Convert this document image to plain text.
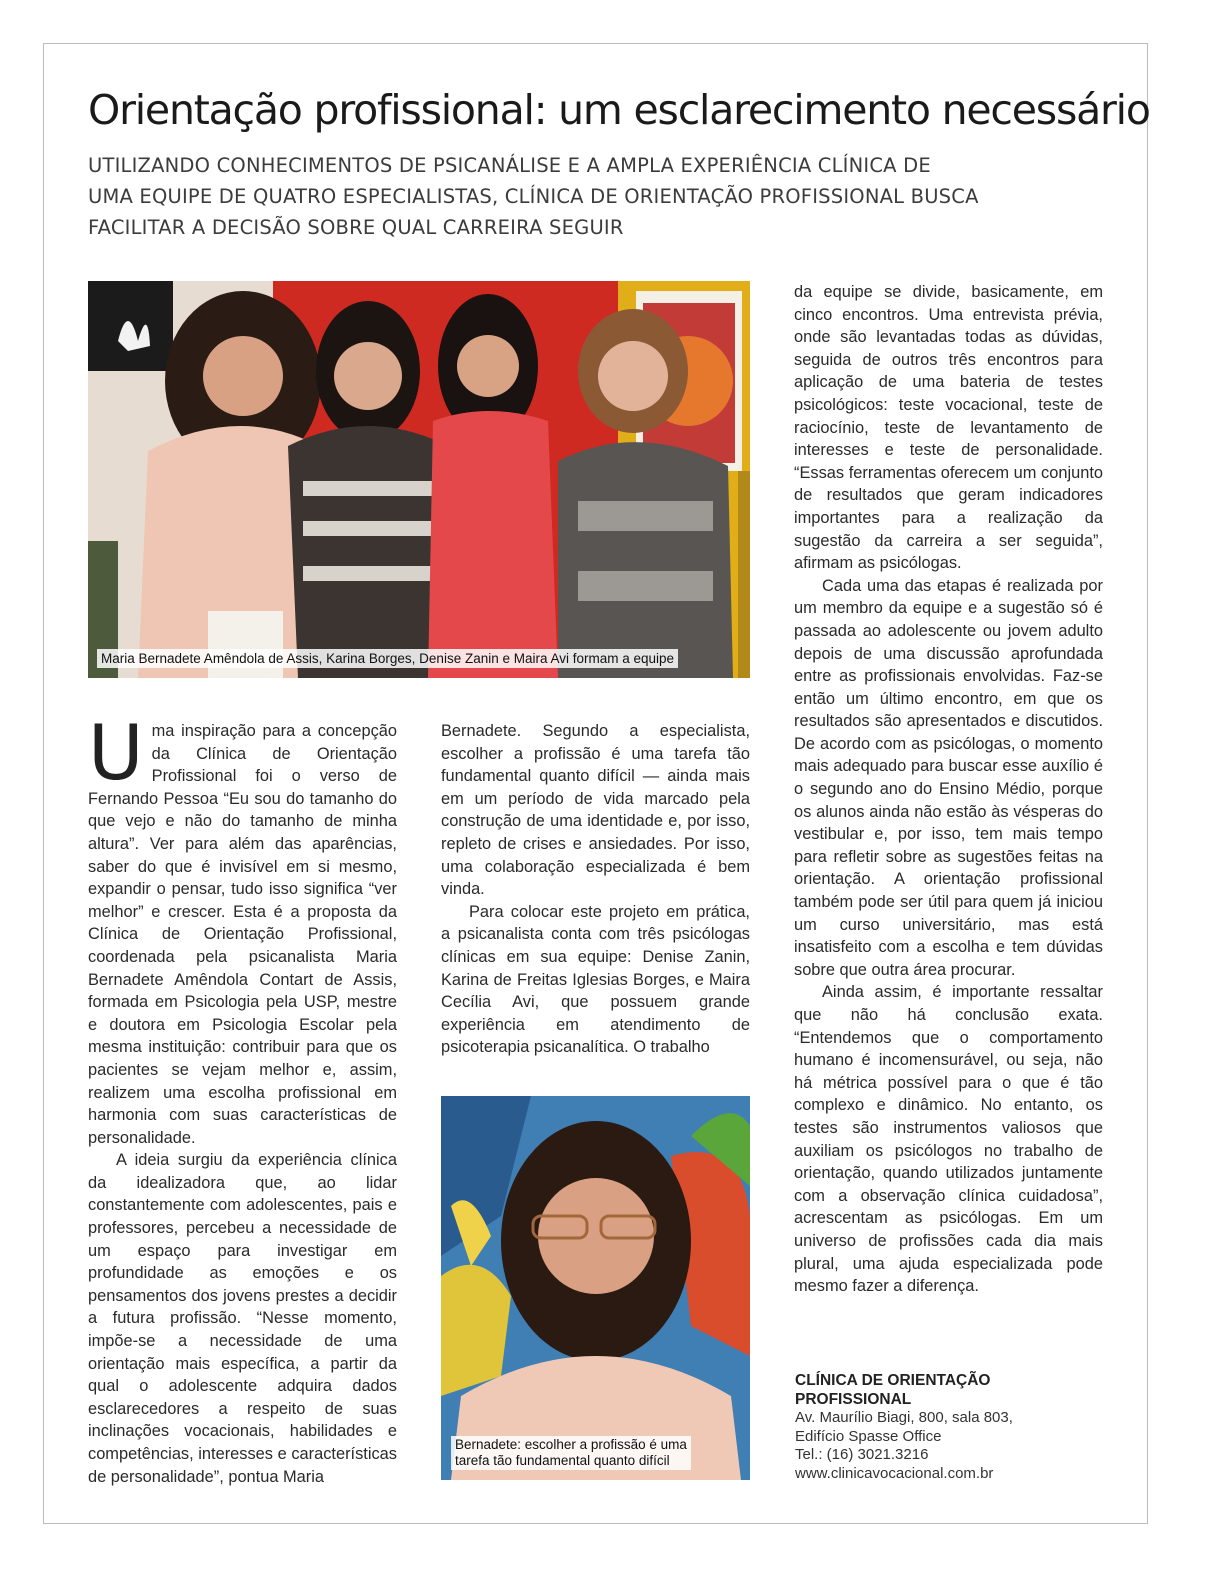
Orientação profissional: um esclarecimento necessário
UTILIZANDO CONHECIMENTOS DE PSICANÁLISE E A AMPLA EXPERIÊNCIA CLÍNICA DE
UMA EQUIPE DE QUATRO ESPECIALISTAS, CLÍNICA DE ORIENTAÇÃO PROFISSIONAL BUSCA
FACILITAR A DECISÃO SOBRE QUAL CARREIRA SEGUIR
Maria Bernadete Amêndola de Assis, Karina Borges, Denise Zanin e Maira Avi formam a equipe

Uma inspiração para a concepção da Clínica de Orientação Profissional foi o verso de Fernando Pessoa “Eu sou do tamanho do que vejo e não do tamanho de minha altura”. Ver para além das aparências, saber do que é invisível em si mesmo, expandir o pensar, tudo isso significa “ver melhor” e crescer. Esta é a proposta da Clínica de Orientação Profissional, coordenada pela psicanalista Maria Bernadete Amêndola Contart de Assis, formada em Psicologia pela USP, mestre e doutora em Psicologia Escolar pela mesma instituição: contribuir para que os pacientes se vejam melhor e, assim, realizem uma escolha profissional em harmonia com suas características de personalidade.

A ideia surgiu da experiência clínica da idealizadora que, ao lidar constantemente com adolescentes, pais e professores, percebeu a necessidade de um espaço para investigar em profundidade as emoções e os pensamentos dos jovens prestes a decidir a futura profissão. “Nesse momento, impõe-se a necessidade de uma orientação mais específica, a partir da qual o adolescente adquira dados esclarecedores a respeito de suas inclinações vocacionais, habilidades e competências, interesses e características de personalidade”, pontua Maria

Bernadete. Segundo a especialista, escolher a profissão é uma tarefa tão fundamental quanto difícil — ainda mais em um período de vida marcado pela construção de uma identidade e, por isso, repleto de crises e ansiedades. Por isso, uma colaboração especializada é bem vinda.

Para colocar este projeto em prática, a psicanalista conta com três psicólogas clínicas em sua equipe: Denise Zanin, Karina de Freitas Iglesias Borges, e Maira Cecília Avi, que possuem grande experiência em atendimento de psicoterapia psicanalítica. O trabalho

Bernadete: escolher a profissão é uma
tarefa tão fundamental quanto difícil

da equipe se divide, basicamente, em cinco encontros. Uma entrevista prévia, onde são levantadas todas as dúvidas, seguida de outros três encontros para aplicação de uma bateria de testes psicológicos: teste vocacional, teste de raciocínio, teste de levantamento de interesses e teste de personalidade. “Essas ferramentas oferecem um conjunto de resultados que geram indicadores importantes para a realização da sugestão da carreira a ser seguida”, afirmam as psicólogas.

Cada uma das etapas é realizada por um membro da equipe e a sugestão só é passada ao adolescente ou jovem adulto depois de uma discussão aprofundada entre as profissionais envolvidas. Faz-se então um último encontro, em que os resultados são apresentados e discutidos. De acordo com as psicólogas, o momento mais adequado para buscar esse auxílio é o segundo ano do Ensino Médio, porque os alunos ainda não estão às vésperas do vestibular e, por isso, tem mais tempo para refletir sobre as sugestões feitas na orientação. A orientação profissional também pode ser útil para quem já iniciou um curso universitário, mas está insatisfeito com a escolha e tem dúvidas sobre que outra área procurar.

Ainda assim, é importante ressaltar que não há conclusão exata. “Entendemos que o comportamento humano é incomensurável, ou seja, não há métrica possível para o que é tão complexo e dinâmico. No entanto, os testes são instrumentos valiosos que auxiliam os psicólogos no trabalho de orientação, quando utilizados juntamente com a observação clínica cuidadosa”, acrescentam as psicólogas. Em um universo de profissões cada dia mais plural, uma ajuda especializada pode mesmo fazer a diferença.

CLÍNICA DE ORIENTAÇÃO
PROFISSIONAL
Av. Maurílio Biagi, 800, sala 803,
Edifício Spasse Office
Tel.: (16) 3021.3216
www.clinicavocacional.com.br
